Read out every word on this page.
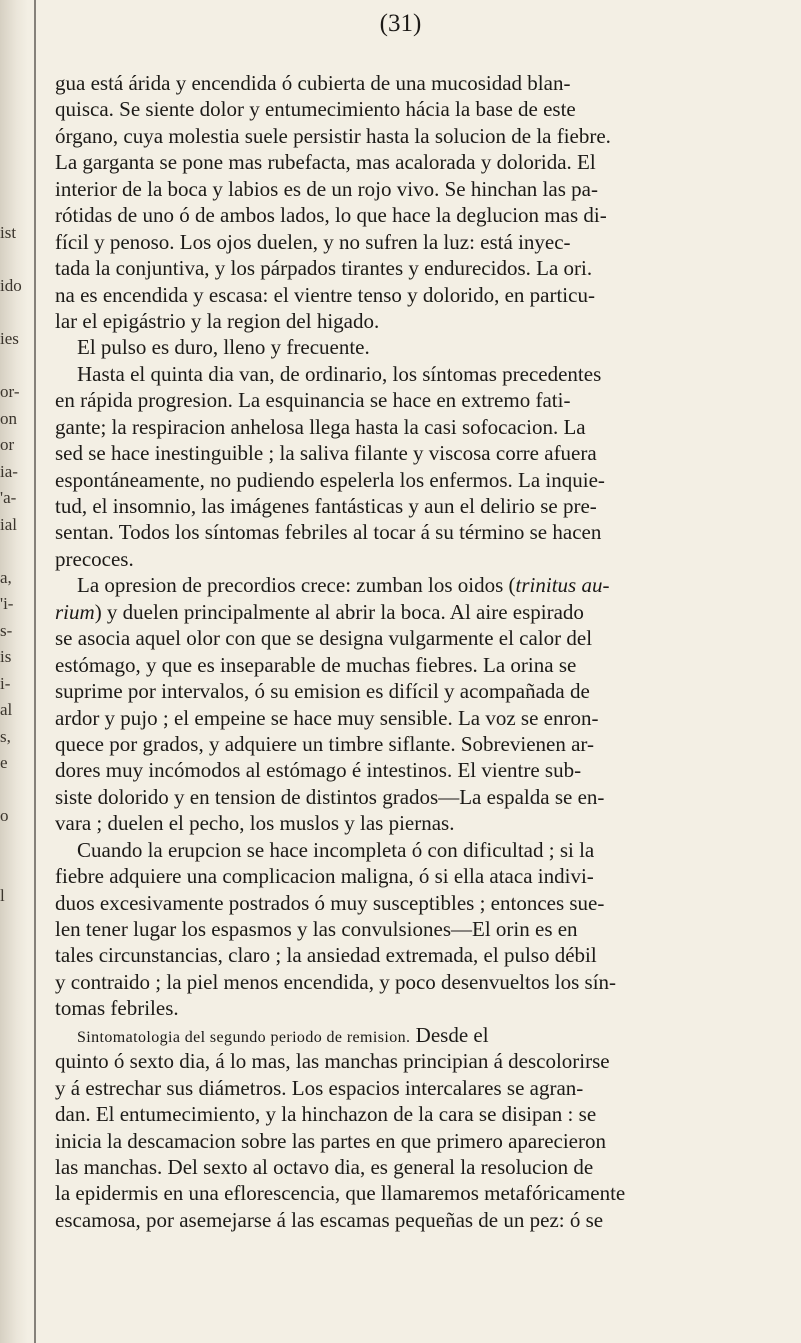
ist
ido
ies
or-
on
or
ia-
'a-
ial
a,
'i-
s-
is
i-
al
s,
e
o
l
(31)
gua está árida y encendida ó cubierta de una mucosidad blan-
quisca. Se siente dolor y entumecimiento hácia la base de este
órgano, cuya molestia suele persistir hasta la solucion de la fiebre.
La garganta se pone mas rubefacta, mas acalorada y dolorida. El
interior de la boca y labios es de un rojo vivo. Se hinchan las pa-
rótidas de uno ó de ambos lados, lo que hace la deglucion mas di-
fícil y penoso. Los ojos duelen, y no sufren la luz: está inyec-
tada la conjuntiva, y los párpados tirantes y endurecidos. La ori.
na es encendida y escasa: el vientre tenso y dolorido, en particu-
lar el epigástrio y la region del higado.
El pulso es duro, lleno y frecuente.
Hasta el quinta dia van, de ordinario, los síntomas precedentes
en rápida progresion. La esquinancia se hace en extremo fati-
gante; la respiracion anhelosa llega hasta la casi sofocacion. La
sed se hace inestinguible ; la saliva filante y viscosa corre afuera
espontáneamente, no pudiendo espelerla los enfermos. La inquie-
tud, el insomnio, las imágenes fantásticas y aun el delirio se pre-
sentan. Todos los síntomas febriles al tocar á su término se hacen
precoces.
La opresion de precordios crece: zumban los oidos (trinitus au-
rium) y duelen principalmente al abrir la boca. Al aire espirado
se asocia aquel olor con que se designa vulgarmente el calor del
estómago, y que es inseparable de muchas fiebres. La orina se
suprime por intervalos, ó su emision es difícil y acompañada de
ardor y pujo ; el empeine se hace muy sensible. La voz se enron-
quece por grados, y adquiere un timbre siflante. Sobrevienen ar-
dores muy incómodos al estómago é intestinos. El vientre sub-
siste dolorido y en tension de distintos grados—La espalda se en-
vara ; duelen el pecho, los muslos y las piernas.
Cuando la erupcion se hace incompleta ó con dificultad ; si la
fiebre adquiere una complicacion maligna, ó si ella ataca indivi-
duos excesivamente postrados ó muy susceptibles ; entonces sue-
len tener lugar los espasmos y las convulsiones—El orin es en
tales circunstancias, claro ; la ansiedad extremada, el pulso débil
y contraido ; la piel menos encendida, y poco desenvueltos los sín-
tomas febriles.
Sintomatologia del segundo periodo de remision. Desde el
quinto ó sexto dia, á lo mas, las manchas principian á descolorirse
y á estrechar sus diámetros. Los espacios intercalares se agran-
dan. El entumecimiento, y la hinchazon de la cara se disipan : se
inicia la descamacion sobre las partes en que primero aparecieron
las manchas. Del sexto al octavo dia, es general la resolucion de
la epidermis en una eflorescencia, que llamaremos metafóricamente
escamosa, por asemejarse á las escamas pequeñas de un pez: ó se
